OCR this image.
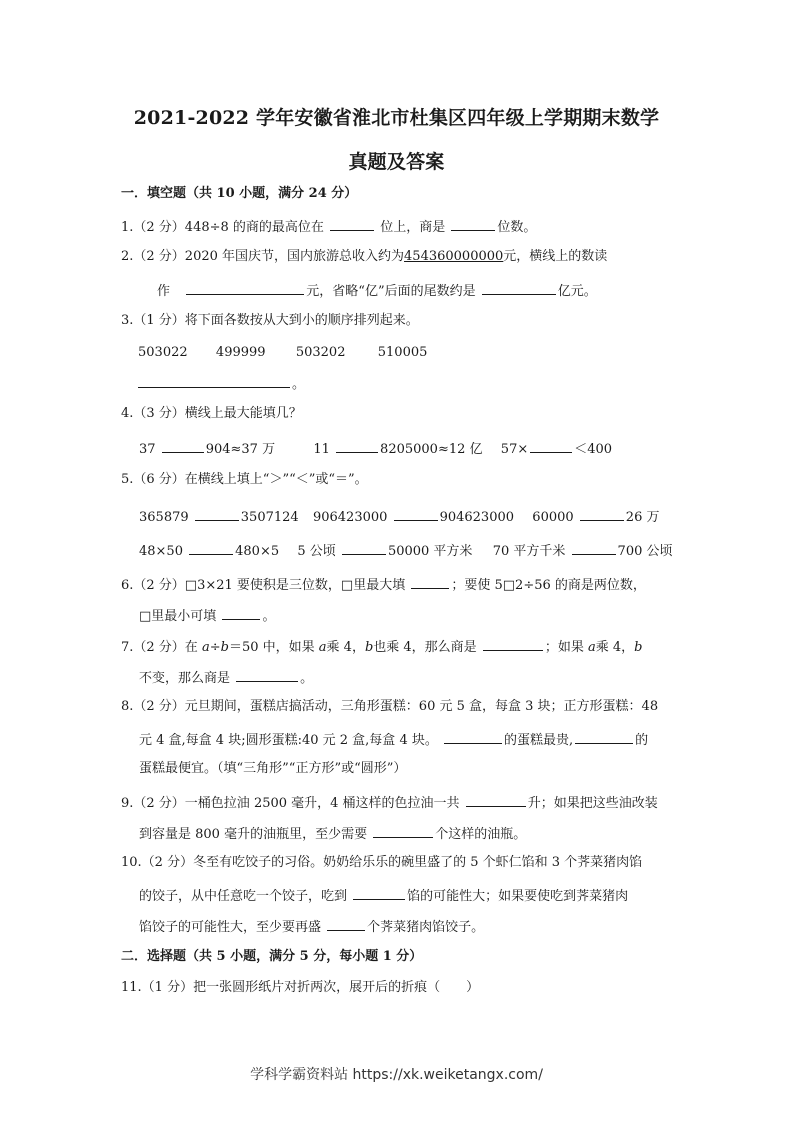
2021-2022 学年安徽省淮北市杜集区四年级上学期期末数学
真题及答案
一．填空题（共 10 小题，满分 24 分）
1.（2 分）448÷8 的商的最高位在	位上，商是	位数。
2.（2 分）2020 年国庆节，国内旅游总收入约为454360000000元，横线上的数读
作	元，省略“亿”后面的尾数约是	亿元。
3.（1 分）将下面各数按从大到小的顺序排列起来。
503022 499999 503202 510005
。
4.（3 分）横线上最大能填几？
37	904≈37 万	11	8205000≈12 亿 57×	＜400
5.（6 分）在横线上填上“＞”“＜”或“＝”。
365879	3507124 906423000	904623000 60000	26 万
48×50	480×5 5 公顷	50000 平方米 70 平方千米	700 公顷
6.（2 分）□3×21 要使积是三位数，□里最大填	；要使 5□2÷56 的商是两位数，
□里最小可填	。
7.（2 分）在 a÷b＝50 中，如果 a乘 4，b也乘 4，那么商是	；如果 a乘 4，b
不变，那么商是	。
8.（2 分）元旦期间，蛋糕店搞活动，三角形蛋糕：60 元 5 盒，每盒 3 块；正方形蛋糕：48
元 4 盒,每盒 4 块;圆形蛋糕:40 元 2 盒,每盒 4 块。	的蛋糕最贵,	的
蛋糕最便宜。（填“三角形”“正方形”或“圆形”）
9.（2 分）一桶色拉油 2500 毫升，4 桶这样的色拉油一共	升；如果把这些油改装
到容量是 800 毫升的油瓶里，至少需要	个这样的油瓶。
10.（2 分）冬至有吃饺子的习俗。奶奶给乐乐的碗里盛了的 5 个虾仁馅和 3 个荠菜猪肉馅
的饺子，从中任意吃一个饺子，吃到	馅的可能性大；如果要使吃到荠菜猪肉
馅饺子的可能性大，至少要再盛	个荠菜猪肉馅饺子。
二．选择题（共 5 小题，满分 5 分，每小题 1 分）
11.（1 分）把一张圆形纸片对折两次，展开后的折痕（　　）
学科学霸资料站 https://xk.weiketangx.com/
